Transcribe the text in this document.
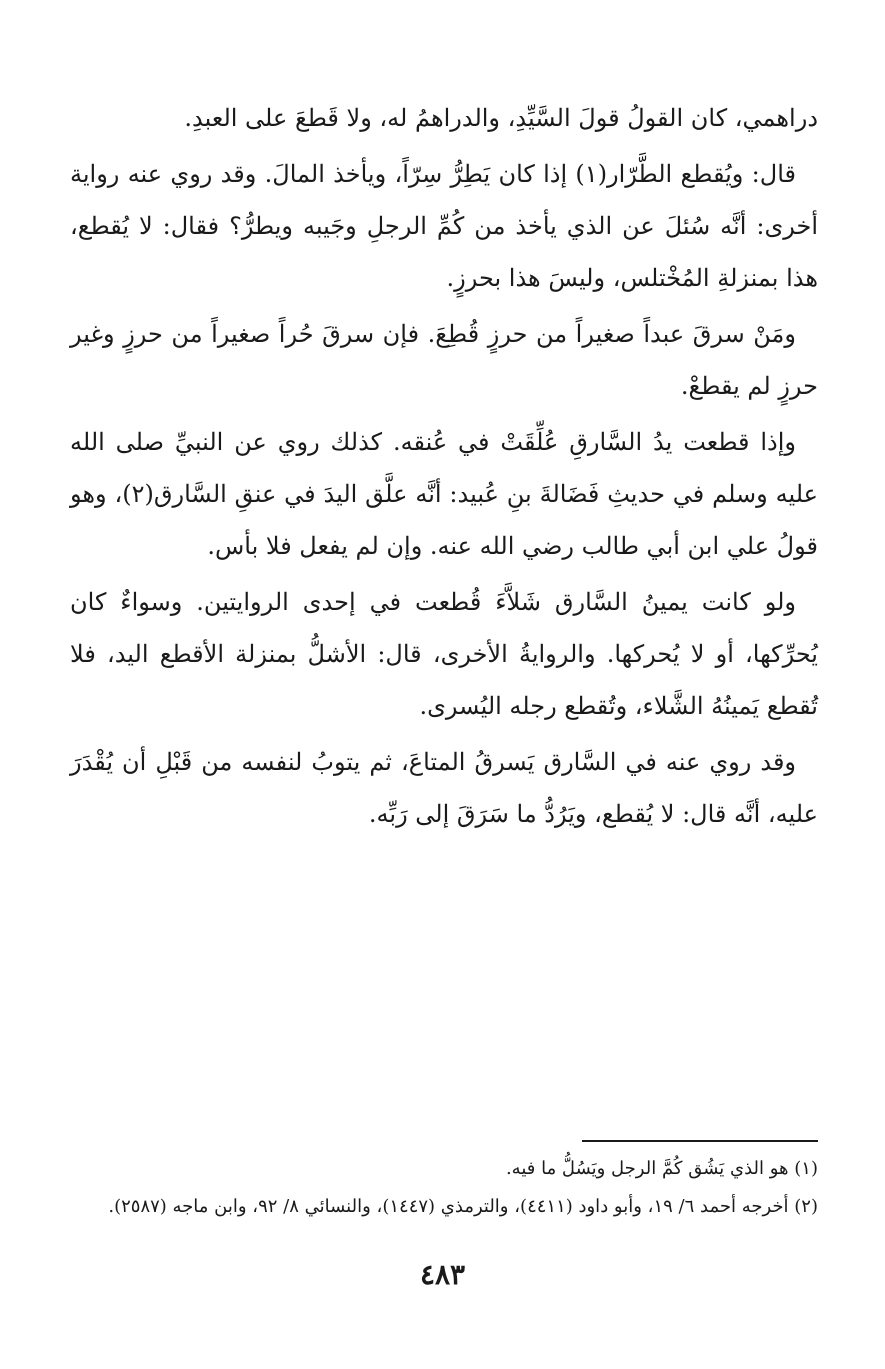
دراهمي، كان القولُ قولَ السَّيِّدِ، والدراهمُ له، ولا قَطعَ على العبدِ.

قال: ويُقطع الطَّرّار(١) إذا كان يَطِرُّ سِرّاً، ويأخذ المالَ. وقد روي عنه رواية أخرى: أنَّه سُئلَ عن الذي يأخذ من كُمِّ الرجلِ وجَيبه ويطرُّ؟ فقال: لا يُقطع، هذا بمنزلةِ المُخْتلس، وليسَ هذا بحرزٍ.

ومَنْ سرقَ عبداً صغيراً من حرزٍ قُطِعَ. فإن سرقَ حُراً صغيراً من حرزٍ وغير حرزٍ لم يقطعْ.

وإذا قطعت يدُ السَّارقِ عُلِّقَتْ في عُنقه. كذلك روي عن النبيِّ صلى الله عليه وسلم في حديثِ فَضَالةَ بنِ عُبيد: أنَّه علَّق اليدَ في عنقِ السَّارق(٢)، وهو قولُ علي ابن أبي طالب رضي الله عنه. وإن لم يفعل فلا بأس.

ولو كانت يمينُ السَّارق شَلاَّءَ قُطعت في إحدى الروايتين. وسواءٌ كان يُحرِّكها، أو لا يُحركها. والروايةُ الأخرى، قال: الأشلُّ بمنزلة الأقطع اليد، فلا تُقطع يَمينُهُ الشَّلاء، وتُقطع رجله اليُسرى.

وقد روي عنه في السَّارق يَسرقُ المتاعَ، ثم يتوبُ لنفسه من قَبْلِ أن يُقْدَرَ عليه، أنَّه قال: لا يُقطع، ويَرُدُّ ما سَرَقَ إلى رَبِّه.

(١) هو الذي يَشُق كُمَّ الرجل ويَسُلُّ ما فيه.

(٢) أخرجه أحمد ٦/ ١٩، وأبو داود (٤٤١١)، والترمذي (١٤٤٧)، والنسائي ٨/ ٩٢، وابن ماجه (٢٥٨٧).

٤٨٣
